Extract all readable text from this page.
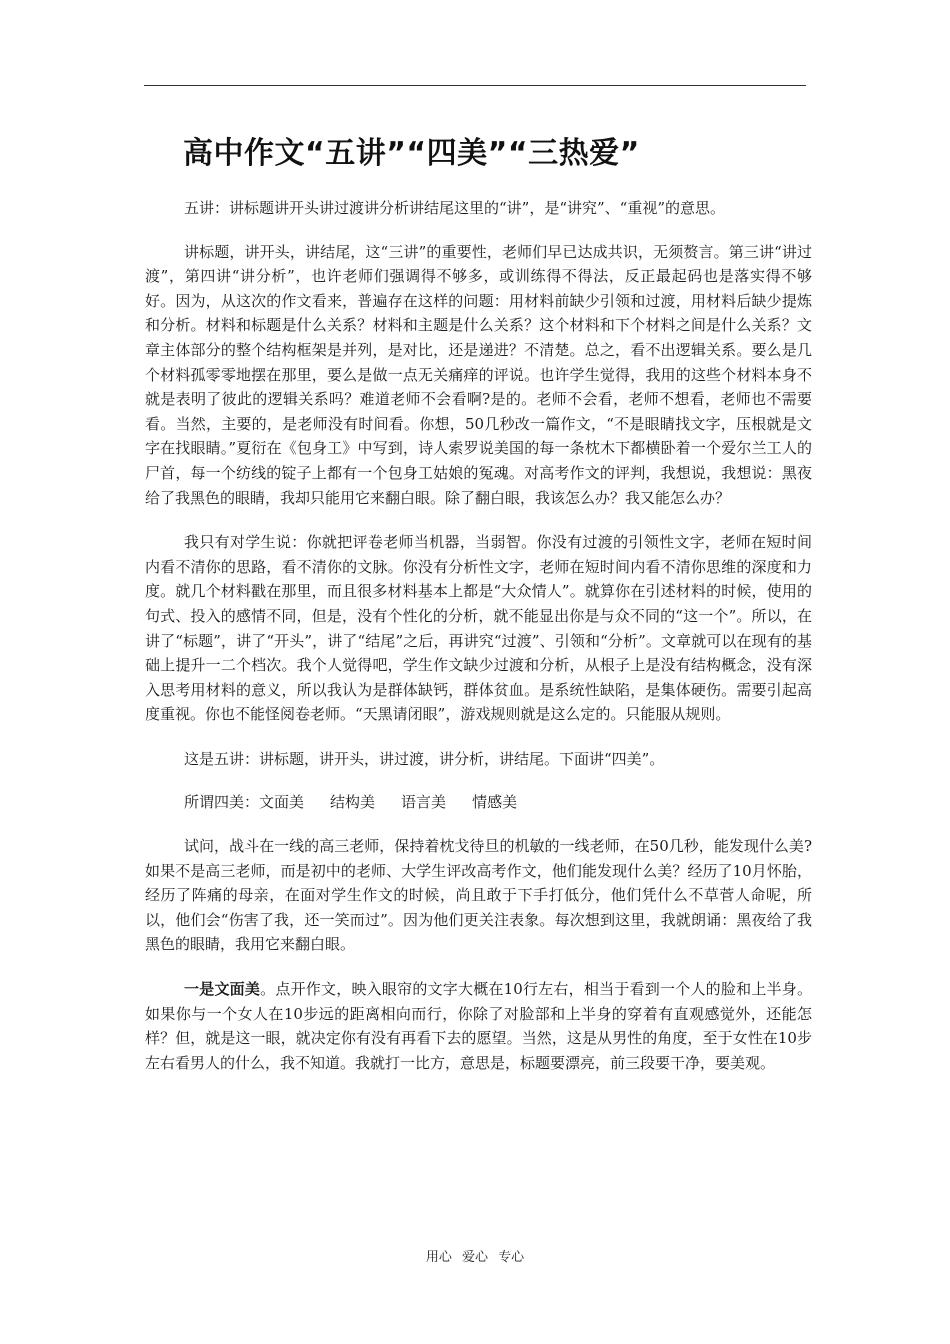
高中作文“五讲”“四美”“三热爱”

五讲：讲标题讲开头讲过渡讲分析讲结尾这里的“讲”，是“讲究”、“重视”的意思。

讲标题，讲开头，讲结尾，这“三讲”的重要性，老师们早已达成共识，无须赘言。第三讲“讲过渡”，第四讲“讲分析”，也许老师们强调得不够多，或训练得不得法，反正最起码也是落实得不够好。因为，从这次的作文看来，普遍存在这样的问题：用材料前缺少引领和过渡，用材料后缺少提炼和分析。材料和标题是什么关系？材料和主题是什么关系？这个材料和下个材料之间是什么关系？文章主体部分的整个结构框架是并列，是对比，还是递进？不清楚。总之，看不出逻辑关系。要么是几个材料孤零零地摆在那里，要么是做一点无关痛痒的评说。也许学生觉得，我用的这些个材料本身不就是表明了彼此的逻辑关系吗？难道老师不会看啊?是的。老师不会看，老师不想看，老师也不需要看。当然，主要的，是老师没有时间看。你想，50几秒改一篇作文，“不是眼睛找文字，压根就是文字在找眼睛。”夏衍在《包身工》中写到，诗人索罗说美国的每一条枕木下都横卧着一个爱尔兰工人的尸首，每一个纺线的锭子上都有一个包身工姑娘的冤魂。对高考作文的评判，我想说，我想说：黑夜给了我黑色的眼睛，我却只能用它来翻白眼。除了翻白眼，我该怎么办？我又能怎么办？

我只有对学生说：你就把评卷老师当机器，当弱智。你没有过渡的引领性文字，老师在短时间内看不清你的思路，看不清你的文脉。你没有分析性文字，老师在短时间内看不清你思维的深度和力度。就几个材料戳在那里，而且很多材料基本上都是“大众情人”。就算你在引述材料的时候，使用的句式、投入的感情不同，但是，没有个性化的分析，就不能显出你是与众不同的“这一个”。所以，在讲了“标题”，讲了“开头”，讲了“结尾”之后，再讲究“过渡”、引领和“分析”。文章就可以在现有的基础上提升一二个档次。我个人觉得吧，学生作文缺少过渡和分析，从根子上是没有结构概念，没有深入思考用材料的意义，所以我认为是群体缺钙，群体贫血。是系统性缺陷，是集体硬伤。需要引起高度重视。你也不能怪阅卷老师。“天黑请闭眼”，游戏规则就是这么定的。只能服从规则。

这是五讲：讲标题，讲开头，讲过渡，讲分析，讲结尾。下面讲“四美”。

所谓四美：文面美 结构美 语言美 情感美

试问，战斗在一线的高三老师，保持着枕戈待旦的机敏的一线老师，在50几秒，能发现什么美?如果不是高三老师，而是初中的老师、大学生评改高考作文，他们能发现什么美？经历了10月怀胎，经历了阵痛的母亲，在面对学生作文的时候，尚且敢于下手打低分，他们凭什么不草菅人命呢，所以，他们会“伤害了我，还一笑而过”。因为他们更关注表象。每次想到这里，我就朗诵：黑夜给了我黑色的眼睛，我用它来翻白眼。

一是文面美。点开作文，映入眼帘的文字大概在10行左右，相当于看到一个人的脸和上半身。如果你与一个女人在10步远的距离相向而行，你除了对脸部和上半身的穿着有直观感觉外，还能怎样？但，就是这一眼，就决定你有没有再看下去的愿望。当然，这是从男性的角度，至于女性在10步左右看男人的什么，我不知道。我就打一比方，意思是，标题要漂亮，前三段要干净，要美观。

用心 爱心 专心
